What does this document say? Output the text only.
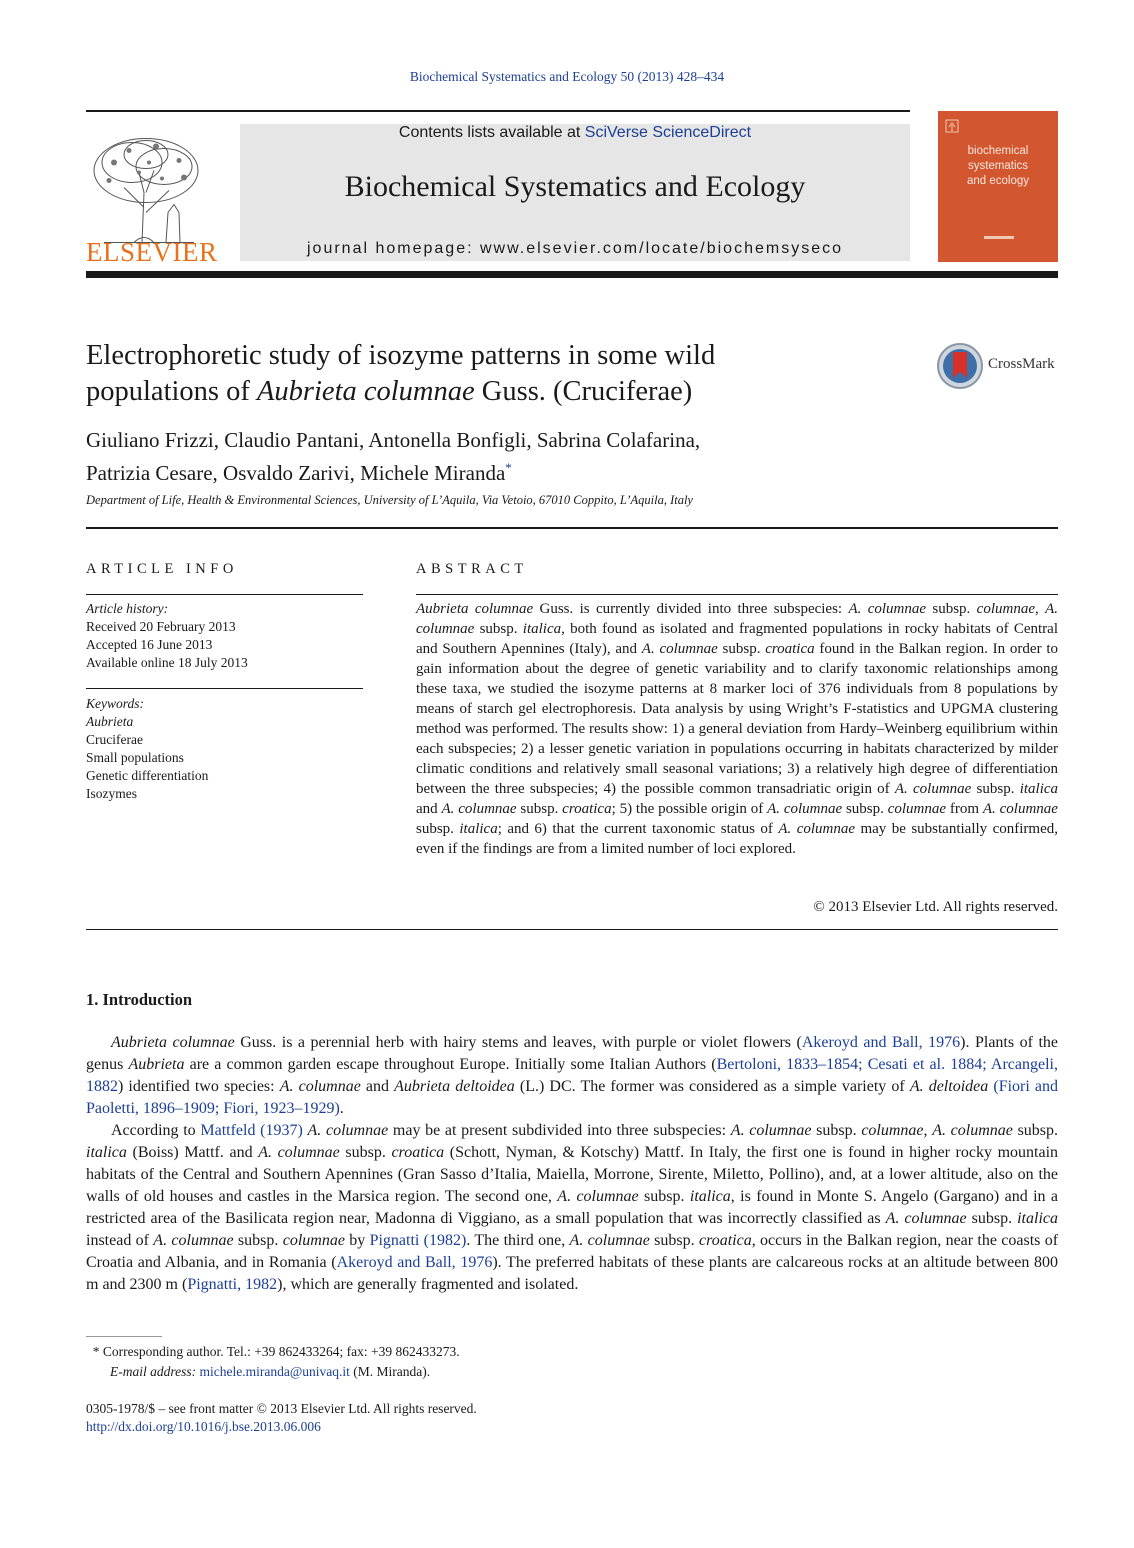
Biochemical Systematics and Ecology 50 (2013) 428–434
ELSEVIER
Contents lists available at SciVerse ScienceDirect
Biochemical Systematics and Ecology
journal homepage: www.elsevier.com/locate/biochemsyseco
biochemical
systematics
and ecology
Electrophoretic study of isozyme patterns in some wild
populations of Aubrieta columnae Guss. (Cruciferae)
CrossMark
Giuliano Frizzi, Claudio Pantani, Antonella Bonfigli, Sabrina Colafarina,
Patrizia Cesare, Osvaldo Zarivi, Michele Miranda*
Department of Life, Health & Environmental Sciences, University of L’Aquila, Via Vetoio, 67010 Coppito, L’Aquila, Italy
ARTICLE INFO	ABSTRACT
Article history:
Received 20 February 2013
Accepted 16 June 2013
Available online 18 July 2013
Keywords:
Aubrieta
Cruciferae
Small populations
Genetic differentiation
Isozymes
Aubrieta columnae Guss. is currently divided into three subspecies: A. columnae subsp. columnae, A. columnae subsp. italica, both found as isolated and fragmented populations in rocky habitats of Central and Southern Apennines (Italy), and A. columnae subsp. croatica found in the Balkan region. In order to gain information about the degree of genetic variability and to clarify taxonomic relationships among these taxa, we studied the isozyme patterns at 8 marker loci of 376 individuals from 8 populations by means of starch gel electrophoresis. Data analysis by using Wright’s F-statistics and UPGMA clustering method was performed. The results show: 1) a general deviation from Hardy–Weinberg equilibrium within each subspecies; 2) a lesser genetic variation in populations occurring in habitats characterized by milder climatic conditions and relatively small seasonal variations; 3) a relatively high degree of differentiation between the three subspecies; 4) the possible common transadriatic origin of A. columnae subsp. italica and A. columnae subsp. croatica; 5) the possible origin of A. columnae subsp. columnae from A. columnae subsp. italica; and 6) that the current taxonomic status of A. columnae may be substantially confirmed, even if the findings are from a limited number of loci explored.
© 2013 Elsevier Ltd. All rights reserved.
1. Introduction

Aubrieta columnae Guss. is a perennial herb with hairy stems and leaves, with purple or violet flowers (Akeroyd and Ball, 1976). Plants of the genus Aubrieta are a common garden escape throughout Europe. Initially some Italian Authors (Bertoloni, 1833–1854; Cesati et al. 1884; Arcangeli, 1882) identified two species: A. columnae and Aubrieta deltoidea (L.) DC. The former was considered as a simple variety of A. deltoidea (Fiori and Paoletti, 1896–1909; Fiori, 1923–1929).

According to Mattfeld (1937) A. columnae may be at present subdivided into three subspecies: A. columnae subsp. columnae, A. columnae subsp. italica (Boiss) Mattf. and A. columnae subsp. croatica (Schott, Nyman, & Kotschy) Mattf. In Italy, the first one is found in higher rocky mountain habitats of the Central and Southern Apennines (Gran Sasso d’Italia, Maiella, Morrone, Sirente, Miletto, Pollino), and, at a lower altitude, also on the walls of old houses and castles in the Marsica region. The second one, A. columnae subsp. italica, is found in Monte S. Angelo (Gargano) and in a restricted area of the Basilicata region near, Madonna di Viggiano, as a small population that was incorrectly classified as A. columnae subsp. italica instead of A. columnae subsp. columnae by Pignatti (1982). The third one, A. columnae subsp. croatica, occurs in the Balkan region, near the coasts of Croatia and Albania, and in Romania (Akeroyd and Ball, 1976). The preferred habitats of these plants are calcareous rocks at an altitude between 800 m and 2300 m (Pignatti, 1982), which are generally fragmented and isolated.

* Corresponding author. Tel.: +39 862433264; fax: +39 862433273.
E-mail address: michele.miranda@univaq.it (M. Miranda).
0305-1978/$ – see front matter © 2013 Elsevier Ltd. All rights reserved.
http://dx.doi.org/10.1016/j.bse.2013.06.006
